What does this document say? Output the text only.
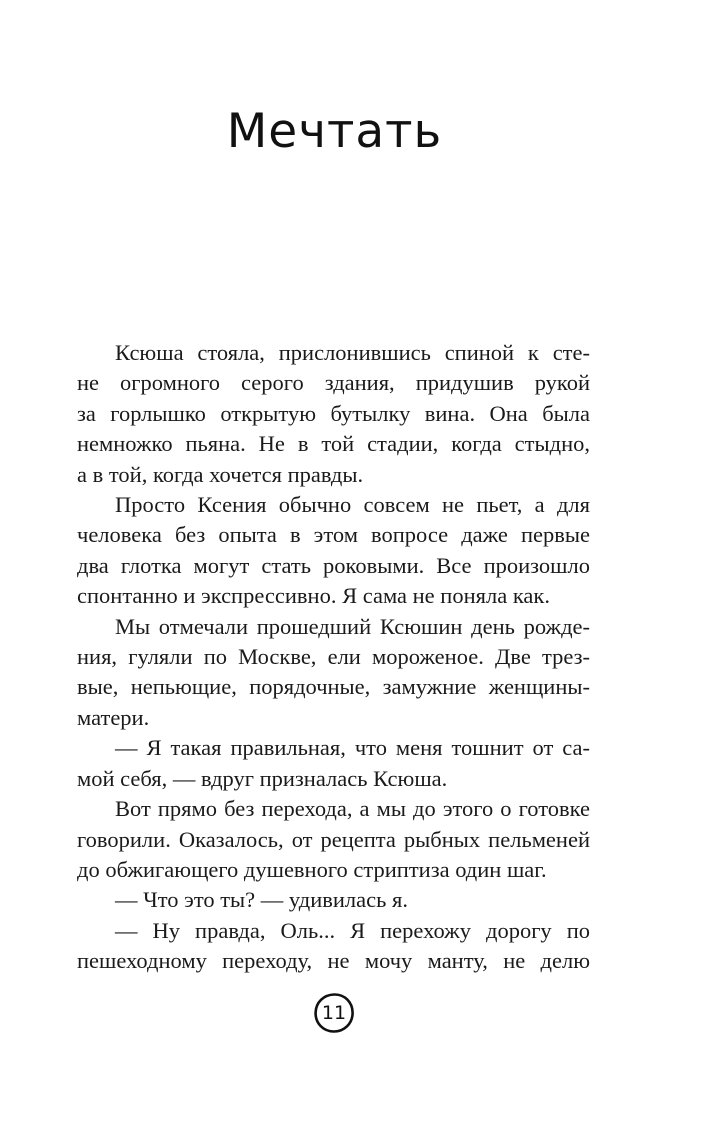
Мечтать
Ксюша стояла, прислонившись спиной к сте-
не огромного серого здания, придушив рукой
за горлышко открытую бутылку вина. Она была
немножко пьяна. Не в той стадии, когда стыдно,
а в той, когда хочется правды.
Просто Ксения обычно совсем не пьет, а для
человека без опыта в этом вопросе даже первые
два глотка могут стать роковыми. Все произошло
спонтанно и экспрессивно. Я сама не поняла как.
Мы отмечали прошедший Ксюшин день рожде-
ния, гуляли по Москве, ели мороженое. Две трез-
вые, непьющие, порядочные, замужние женщины-
матери.
— Я такая правильная, что меня тошнит от са-
мой себя, — вдруг призналась Ксюша.
Вот прямо без перехода, а мы до этого о готовке
говорили. Оказалось, от рецепта рыбных пельменей
до обжигающего душевного стриптиза один шаг.
— Что это ты? — удивилась я.
— Ну правда, Оль... Я перехожу дорогу по
пешеходному переходу, не мочу манту, не делю
11
